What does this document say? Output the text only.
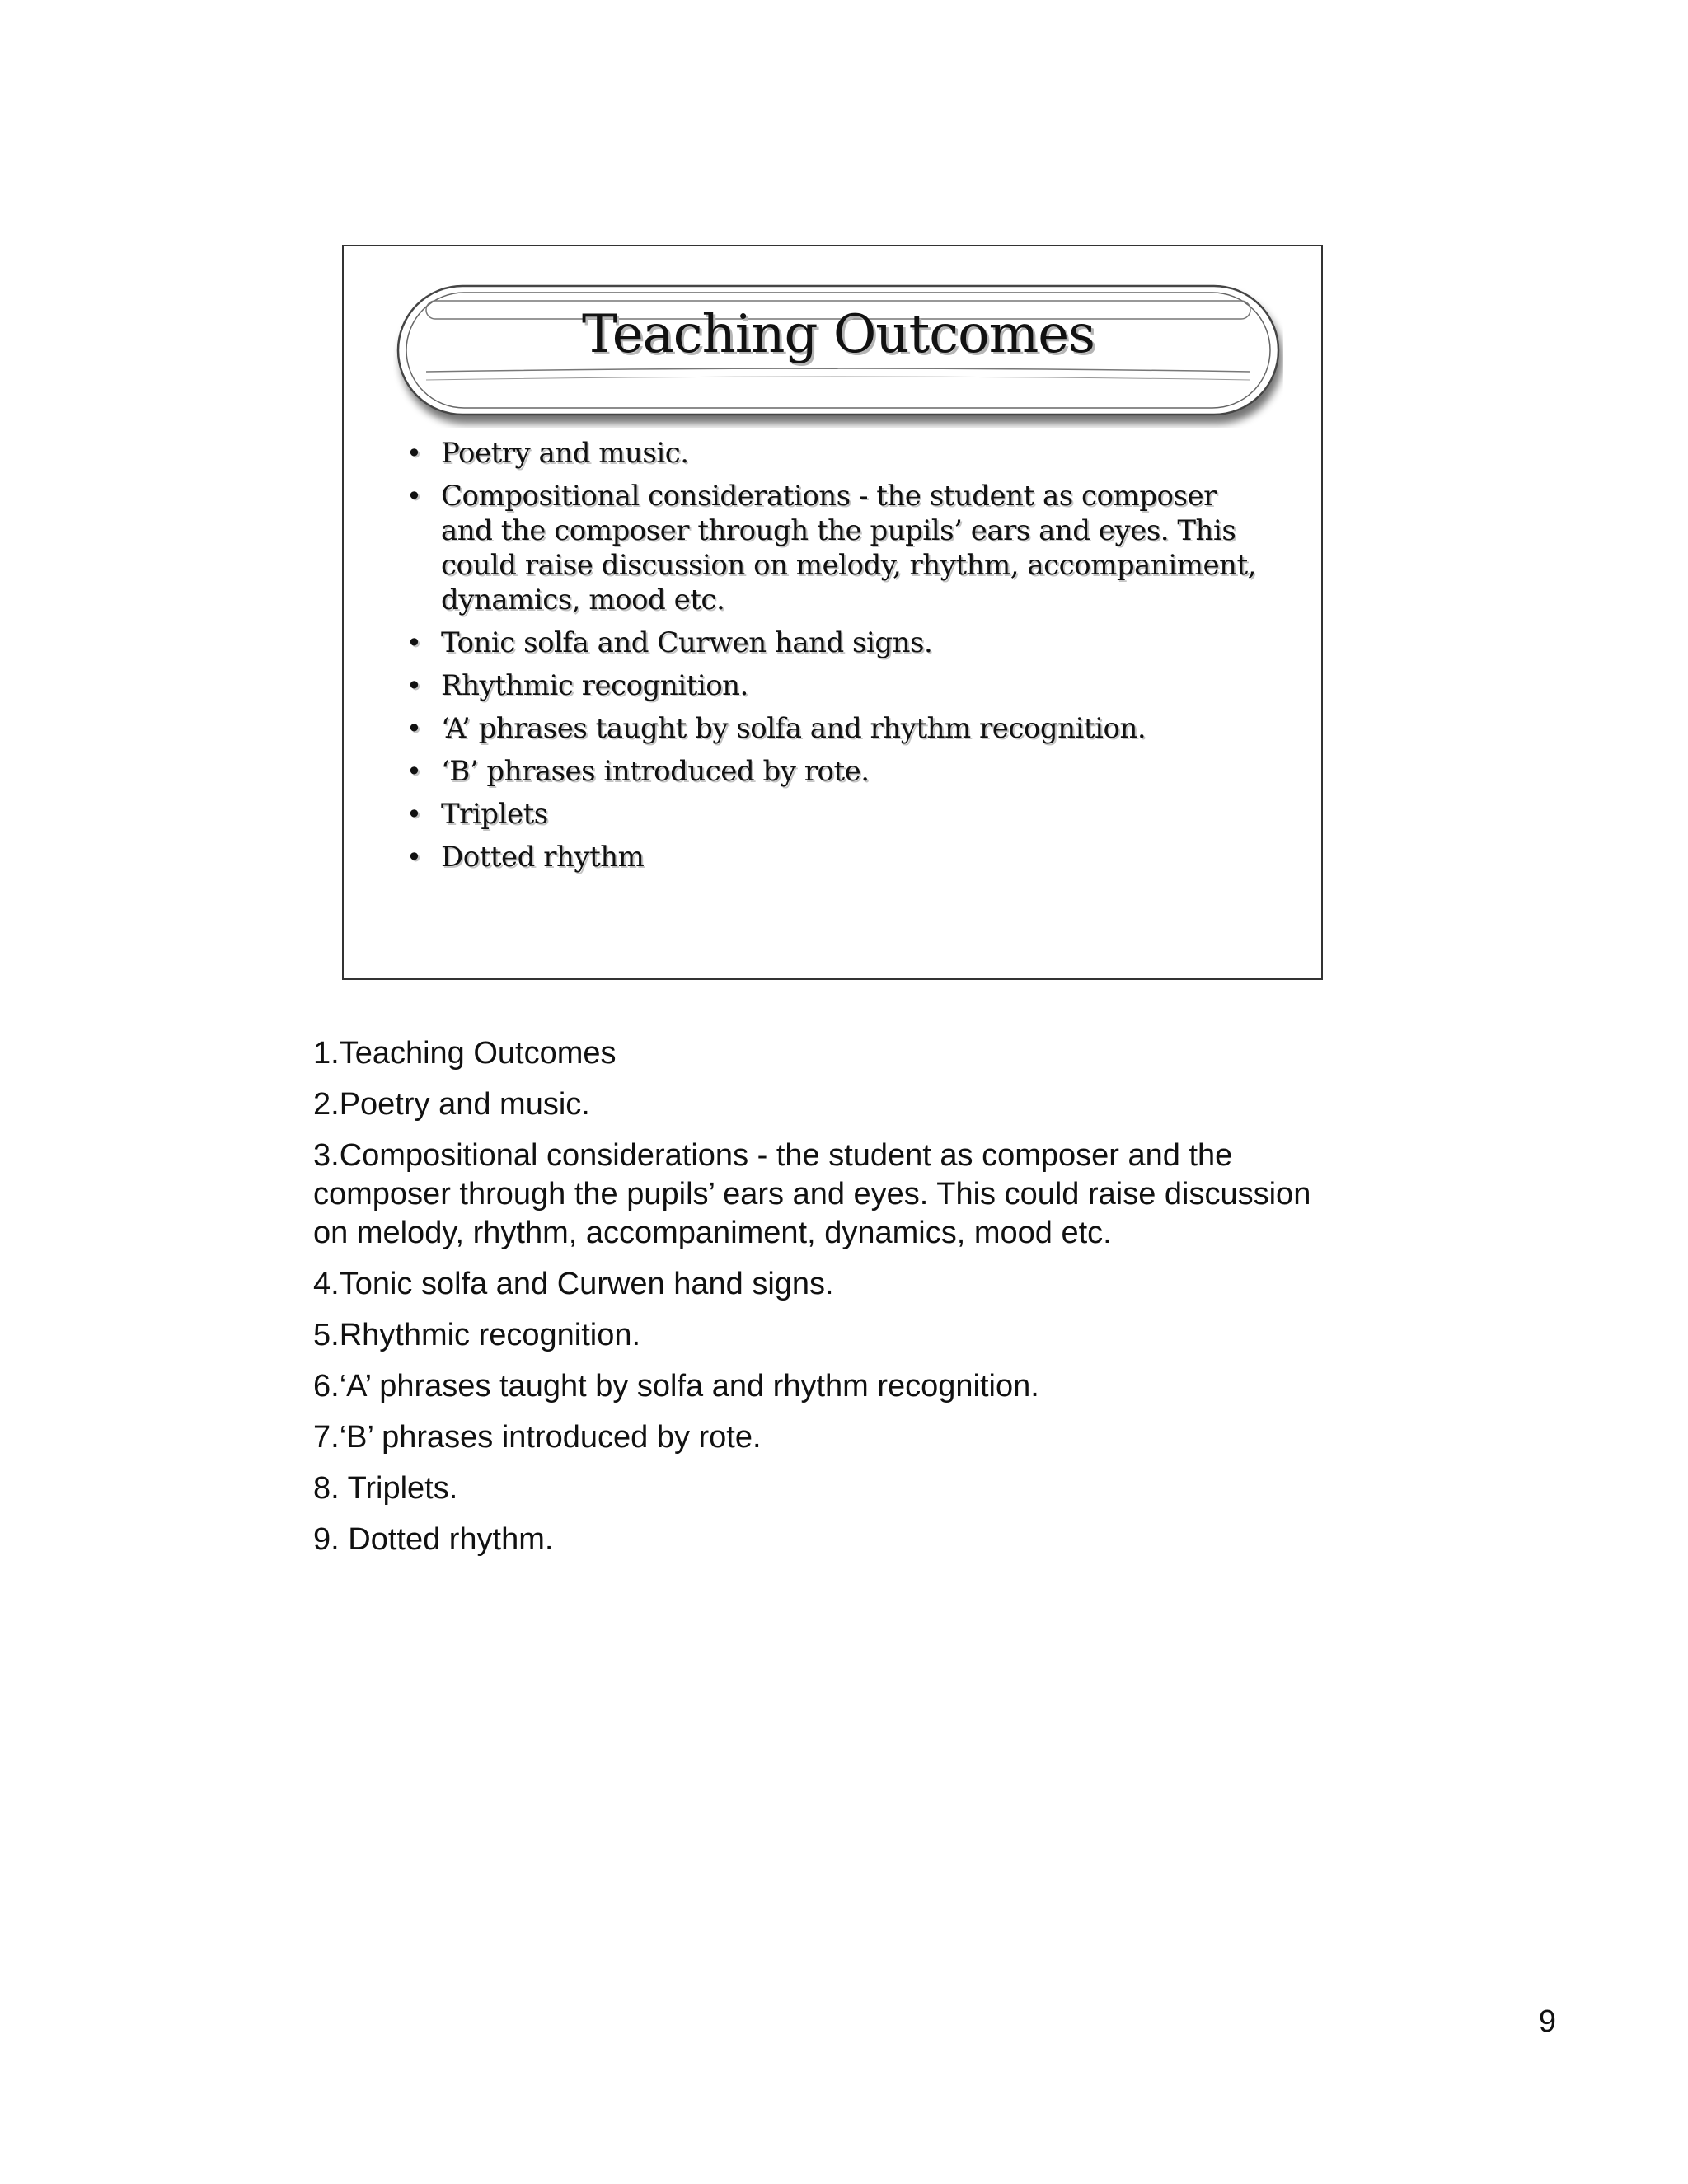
Teaching Outcomes
• Poetry and music.
• Compositional considerations - the student as composer and the composer through the pupils’ ears and eyes. This could raise discussion on melody, rhythm, accompaniment, dynamics, mood etc.
• Tonic solfa and Curwen hand signs.
• Rhythmic recognition.
• ‘A’ phrases taught by solfa and rhythm recognition.
• ‘B’ phrases introduced by rote.
• Triplets
• Dotted rhythm
1.Teaching Outcomes
2.Poetry and music.
3.Compositional considerations - the student as composer and the composer through the pupils’ ears and eyes. This could raise discussion on melody, rhythm, accompaniment, dynamics, mood etc.
4.Tonic solfa and Curwen hand signs.
5.Rhythmic recognition.
6.‘A’ phrases taught by solfa and rhythm recognition.
7.‘B’ phrases introduced by rote.
8. Triplets.
9. Dotted rhythm.
9
